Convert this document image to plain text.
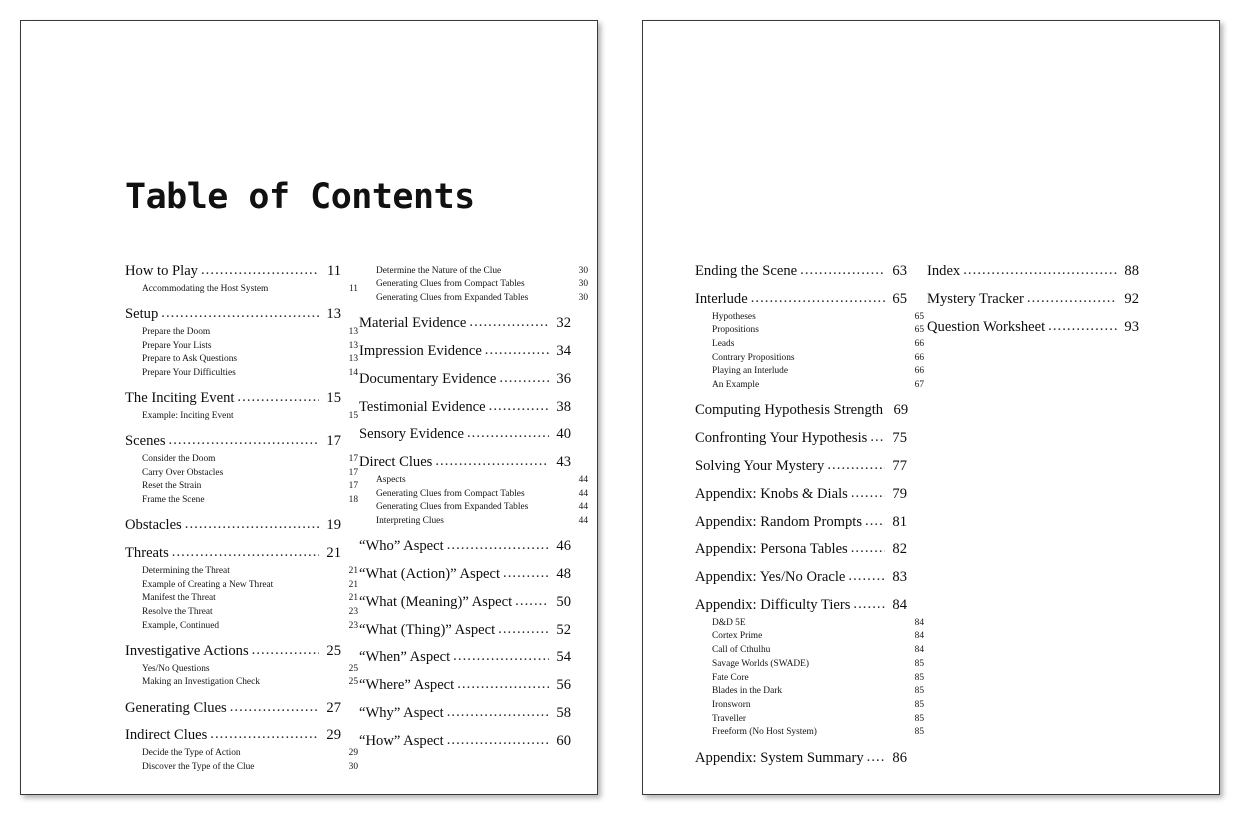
Table of Contents
How to Play .....	11
Accommodating the Host System	11
Setup .....	13
Prepare the Doom	13
Prepare Your Lists	13
Prepare to Ask Questions	13
Prepare Your Difficulties	14
The Inciting Event .....	15
Example: Inciting Event	15
Scenes .....	17
Consider the Doom	17
Carry Over Obstacles	17
Reset the Strain	17
Frame the Scene	18
Obstacles .....	19
Threats .....	21
Determining the Threat	21
Example of Creating a New Threat	21
Manifest the Threat	21
Resolve the Threat	23
Example, Continued	23
Investigative Actions .....	25
Yes/No Questions	25
Making an Investigation Check	25
Generating Clues .....	27
Indirect Clues .....	29
Decide the Type of Action	29
Discover the Type of the Clue	30
Determine the Nature of the Clue	30
Generating Clues from Compact Tables	30
Generating Clues from Expanded Tables	30
Material Evidence .....	32
Impression Evidence .....	34
Documentary Evidence .....	36
Testimonial Evidence .....	38
Sensory Evidence .....	40
Direct Clues .....	43
Aspects	44
Generating Clues from Compact Tables	44
Generating Clues from Expanded Tables	44
Interpreting Clues	44
“Who” Aspect .....	46
“What (Action)” Aspect .....	48
“What (Meaning)” Aspect .....	50
“What (Thing)” Aspect .....	52
“When” Aspect .....	54
“Where” Aspect .....	56
“Why” Aspect .....	58
“How” Aspect .....	60
Ending the Scene .....	63
Interlude .....	65
Hypotheses	65
Propositions	65
Leads	66
Contrary Propositions	66
Playing an Interlude	66
An Example	67
Computing Hypothesis Strength 69
Confronting Your Hypothesis .....	75
Solving Your Mystery .....	77
Appendix: Knobs & Dials .....	79
Appendix: Random Prompts .....	81
Appendix: Persona Tables .....	82
Appendix: Yes/No Oracle .....	83
Appendix: Difficulty Tiers .....	84
D&D 5E	84
Cortex Prime	84
Call of Cthulhu	84
Savage Worlds (SWADE)	85
Fate Core	85
Blades in the Dark	85
Ironsworn	85
Traveller	85
Freeform (No Host System)	85
Appendix: System Summary .....	86
Index .....	88
Mystery Tracker .....	92
Question Worksheet .....	93
